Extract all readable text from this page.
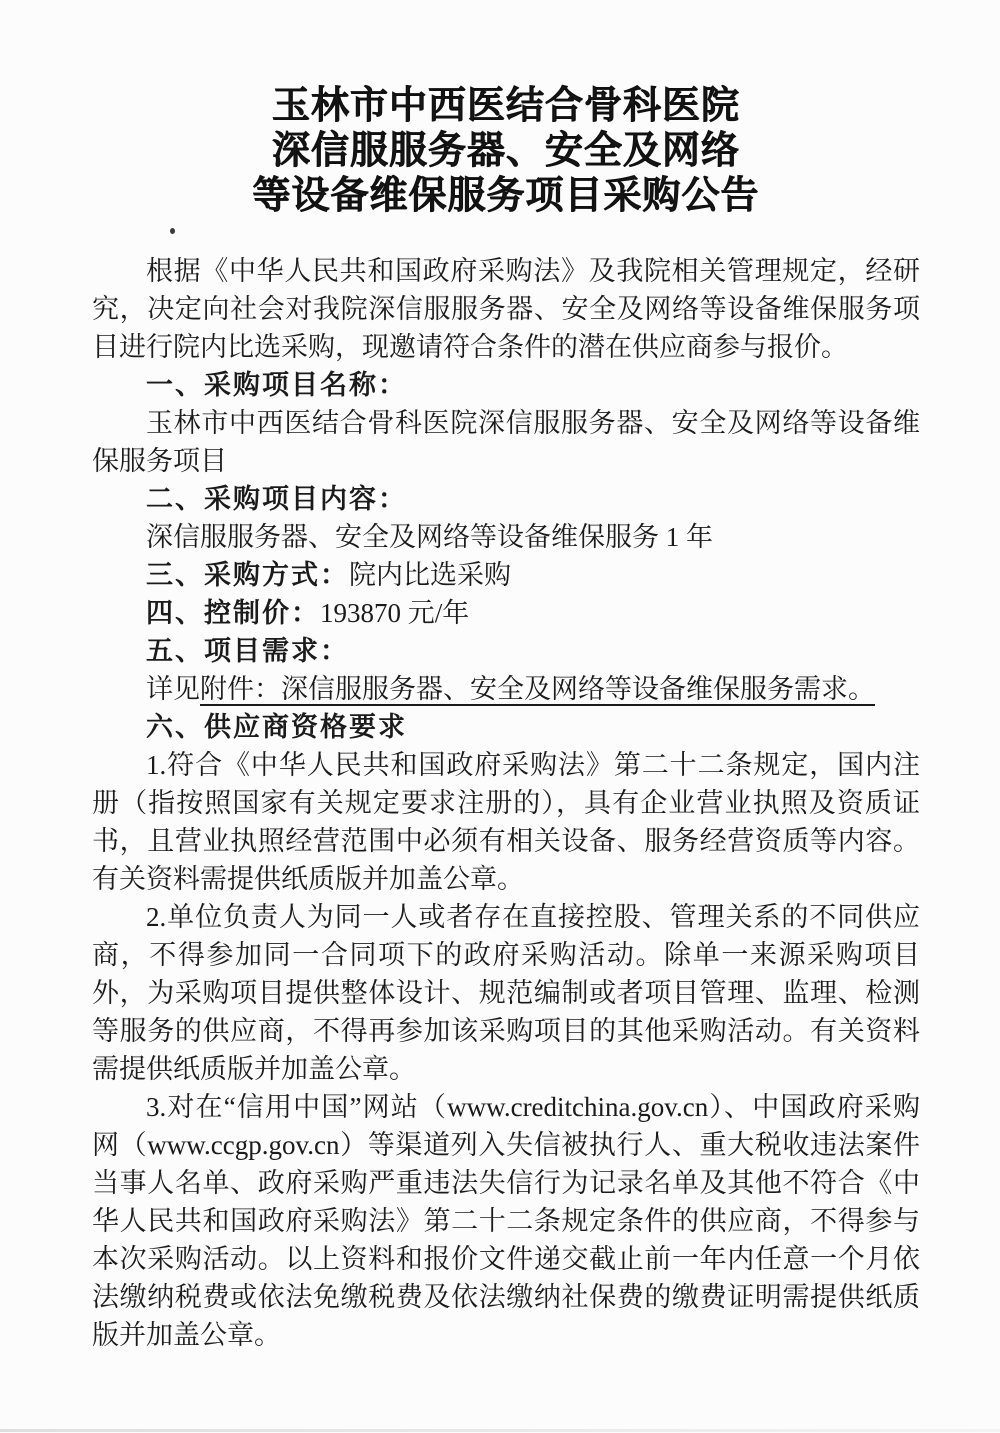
玉林市中西医结合骨科医院
深信服服务器、安全及网络
等设备维保服务项目采购公告

根据《中华人民共和国政府采购法》及我院相关管理规定，经研究，决定向社会对我院深信服服务器、安全及网络等设备维保服务项目进行院内比选采购，现邀请符合条件的潜在供应商参与报价。

一、采购项目名称：

玉林市中西医结合骨科医院深信服服务器、安全及网络等设备维保服务项目

二、采购项目内容：

深信服服务器、安全及网络等设备维保服务 1 年

三、采购方式：院内比选采购

四、控制价：193870 元/年

五、项目需求：

详见附件：深信服服务器、安全及网络等设备维保服务需求。

六、供应商资格要求

1.符合《中华人民共和国政府采购法》第二十二条规定，国内注册（指按照国家有关规定要求注册的），具有企业营业执照及资质证书，且营业执照经营范围中必须有相关设备、服务经营资质等内容。有关资料需提供纸质版并加盖公章。

2.单位负责人为同一人或者存在直接控股、管理关系的不同供应商，不得参加同一合同项下的政府采购活动。除单一来源采购项目外，为采购项目提供整体设计、规范编制或者项目管理、监理、检测等服务的供应商，不得再参加该采购项目的其他采购活动。有关资料需提供纸质版并加盖公章。

3.对在“信用中国”网站（www.creditchina.gov.cn）、中国政府采购网（www.ccgp.gov.cn）等渠道列入失信被执行人、重大税收违法案件当事人名单、政府采购严重违法失信行为记录名单及其他不符合《中华人民共和国政府采购法》第二十二条规定条件的供应商，不得参与本次采购活动。以上资料和报价文件递交截止前一年内任意一个月依法缴纳税费或依法免缴税费及依法缴纳社保费的缴费证明需提供纸质版并加盖公章。
